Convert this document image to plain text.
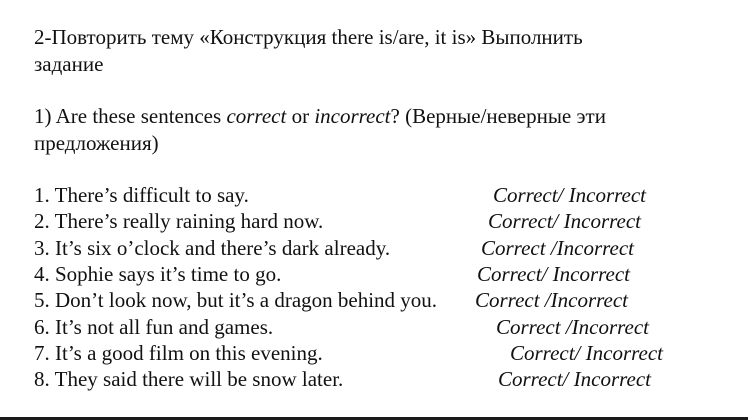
2-Повторить тему «Конструкция there is/are, it is» Выполнить
задание
1) Are these sentences correct or incorrect? (Верные/неверные эти
предложения)
1. There’s difficult to say.	Correct/ Incorrect
2. There’s really raining hard now.	Correct/ Incorrect
3. It’s six o’clock and there’s dark already.	Correct /Incorrect
4. Sophie says it’s time to go.	Correct/ Incorrect
5. Don’t look now, but it’s a dragon behind you. Correct /Incorrect
6. It’s not all fun and games.	Correct /Incorrect
7. It’s a good film on this evening.	Correct/ Incorrect
8. They said there will be snow later.	Correct/ Incorrect
